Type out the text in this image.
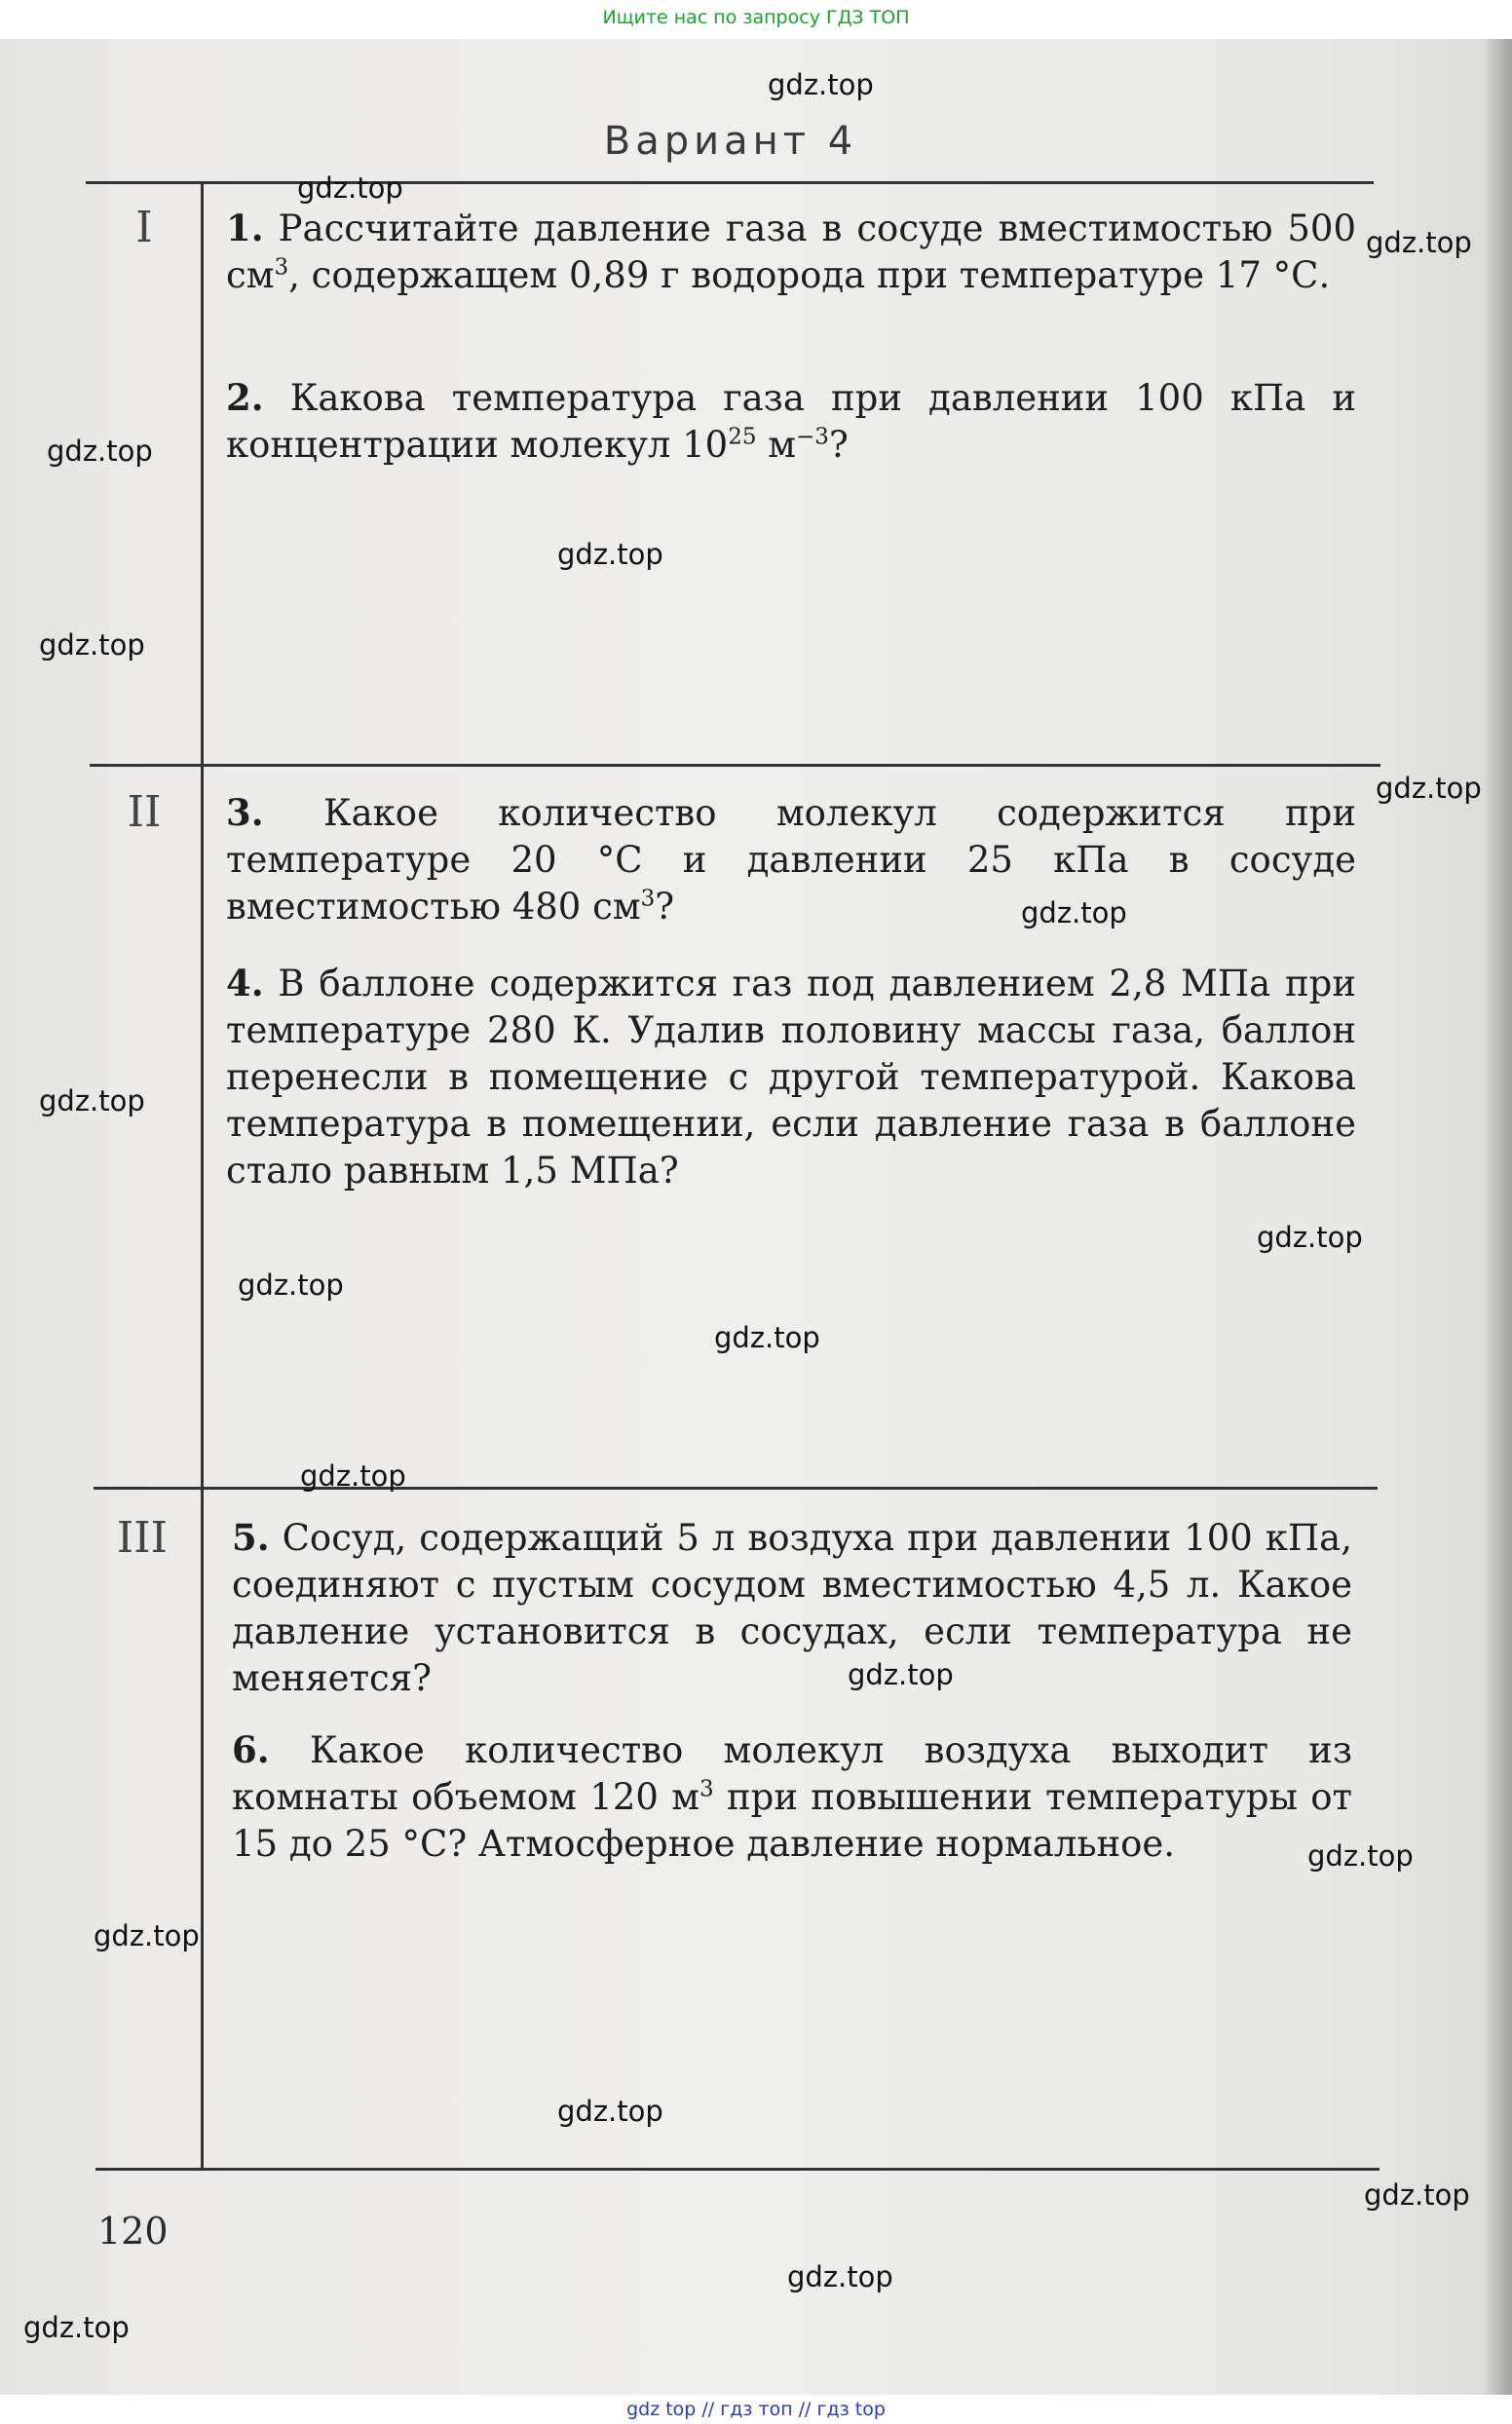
Ищите нас по запросу ГДЗ ТОП
Вариант 4
I	1. Рассчитайте давление газа в сосуде вместимостью 500 $см^3$, содержащем 0,89 г водорода при температуре 17 °С.

2. Какова температура газа при давлении 100 кПа и концентрации молекул $10^{25}$ $м^{-3}$?

II	3. Какое количество молекул содержится при температуре 20 °С и давлении 25 кПа в сосуде вместимостью 480 $см^3$?

4. В баллоне содержится газ под давлением 2,8 МПа при температуре 280 К. Удалив половину массы газа, баллон перенесли в помещение с другой температурой. Какова температура в помещении, если давление газа в баллоне стало равным 1,5 МПа?

III	5. Сосуд, содержащий 5 л воздуха при давлении 100 кПа, соединяют с пустым сосудом вместимостью 4,5 л. Какое давление установится в сосудах, если температура не меняется?

6. Какое количество молекул воздуха выходит из комнаты объемом 120 $м^3$ при повышении температуры от 15 до 25 °С? Атмосферное давление нормальное.

120
gdz.top
gdz.top
gdz.top
gdz.top
gdz.top
gdz.top
gdz.top
gdz.top
gdz.top
gdz.top
gdz.top
gdz.top
gdz.top
gdz.top
gdz.top
gdz.top
gdz.top
gdz.top
gdz.top
gdz.top
gdz top // гдз топ // гдз top
